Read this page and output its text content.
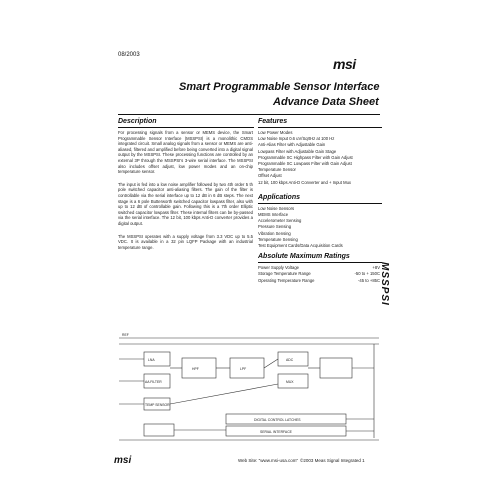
08/2003
msi
Smart Programmable Sensor Interface
Advance Data Sheet
Description
For processing signals from a sensor or MEMS device, the Smart Programmable Sensor Interface (MSSPSI) is a monolithic CMOS integrated circuit. Small analog signals from a sensor or MEMS are anti-aliased, filtered and amplified before being converted into a digital signal output by the MSSPSI. These processing functions are controlled by an external 3P through the MSSPSI's 3-wire serial interface. The MSSPSI also includes offset adjust, low power modes and an on-chip temperature sensor.
The input is fed into a low noise amplifier followed by two 4th order 5 th pole switched capacitor anti-aliasing filters. The gain of the filter is controllable via the serial interface up to 12 dB in 6 dB steps. The next stage is a 6 pole Butterworth switched capacitor lowpass filter, also with up to 12 dB of controllable gain. Following this is a 7th order Elliptic switched capacitor lowpass filter. These internal filters can be by-passed via the serial interface. The 12 bit, 100 kbps Anti-D converter provides a digital output.
The MSSPSI operates with a supply voltage from 3.3 VDC up to 5.5 VDC. It is available in a 32 pin LQFP Package with an industrial temperature range.
Features
Low Power Modes
Low Noise Input 0.6 uV/SqrtHz at 100 Hz
Anti-Alias Filter with Adjustable Gain
Lowpass Filter with Adjustable Gain Stage
Programmable SC Highpass Filter with Gain Adjust
Programmable SC Lowpass Filter with Gain Adjust
Temperature Sensor
Offset Adjust
12 bit, 100 kbps Anti-D Converter and + Input Mux
Applications
Low Noise Sensors
MEMS Interface
Accelerometer Sensing
Pressure Sensing
Vibration Sensing
Temperature Sensing
Test Equipment Cards/Data Acquisition Cards
Absolute Maximum Ratings
Power Supply Voltage	+8V
Storage Temperature Range	-50 to + 150C
Operating Temperature Range	-45 to +85C MSSPSI
LNA
AA FILTER
HPF	LPF
ADC
MUX
DIGITAL CONTROL LATCHES
SERIAL INTERFACE
TEMP SENSOR
REF
msi	Web Site: "www.msi-usa.com" ©2003 Meas Signal Integrated 1
